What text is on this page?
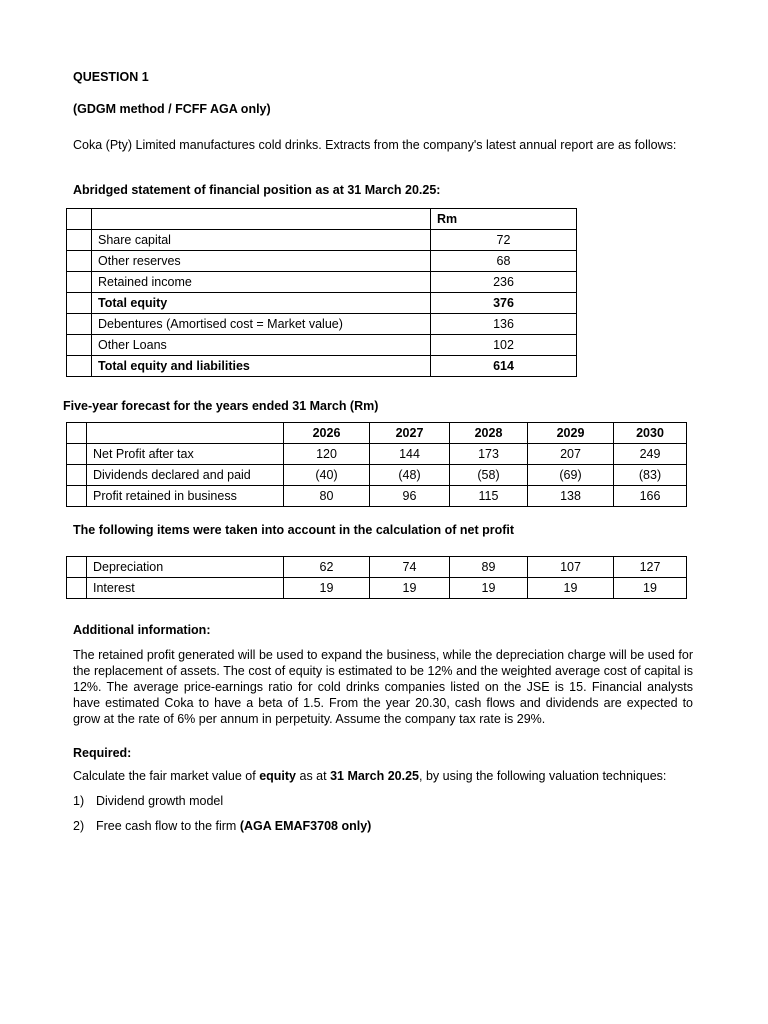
QUESTION 1
(GDGM method / FCFF AGA only)

Coka (Pty) Limited manufactures cold drinks. Extracts from the company's latest annual report are as follows:

Abridged statement of financial position as at 31 March 20.25:
		Rm
	Share capital	72
	Other reserves	68
	Retained income	236
	Total equity	376
	Debentures (Amortised cost = Market value)	136
	Other Loans	102
	Total equity and liabilities	614
Five-year forecast for the years ended 31 March (Rm)
		2026	2027	2028	2029	2030
	Net Profit after tax	120	144	173	207	249
	Dividends declared and paid	(40)	(48)	(58)	(69)	(83)
	Profit retained in business	80	96	115	138	166
The following items were taken into account in the calculation of net profit
	Depreciation	62	74	89	107	127
	Interest	19	19	19	19	19
Additional information:

The retained profit generated will be used to expand the business, while the depreciation charge will be used for the replacement of assets. The cost of equity is estimated to be 12% and the weighted average cost of capital is 12%. The average price-earnings ratio for cold drinks companies listed on the JSE is 15. Financial analysts have estimated Coka to have a beta of 1.5. From the year 20.30, cash flows and dividends are expected to grow at the rate of 6% per annum in perpetuity. Assume the company tax rate is 29%.

Required:

Calculate the fair market value of equity as at 31 March 20.25, by using the following valuation techniques:

1) Dividend growth model

2) Free cash flow to the firm (AGA EMAF3708 only)
